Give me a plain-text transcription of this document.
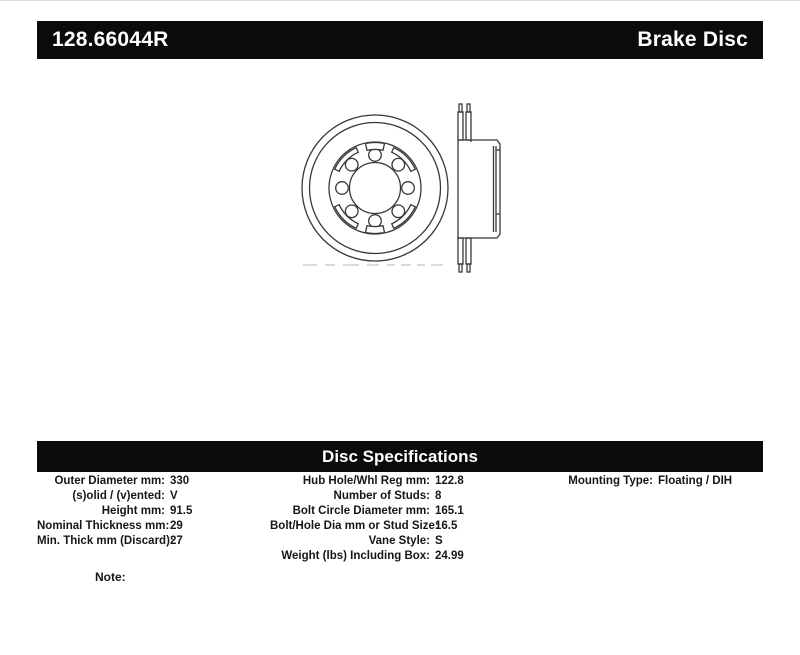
128.66044R	Brake Disc
Disc Specifications
Outer Diameter mm: 330
(s)olid / (v)ented: V
Height mm: 91.5
Nominal Thickness mm:29
Min. Thick mm (Discard):27
Hub Hole/Whl Reg mm: 122.8
Number of Studs: 8
Bolt Circle Diameter mm: 165.1
Bolt/Hole Dia mm or Stud Size:16.5
Vane Style: S
Weight (lbs) Including Box: 24.99
Mounting Type: Floating / DIH
Note:
